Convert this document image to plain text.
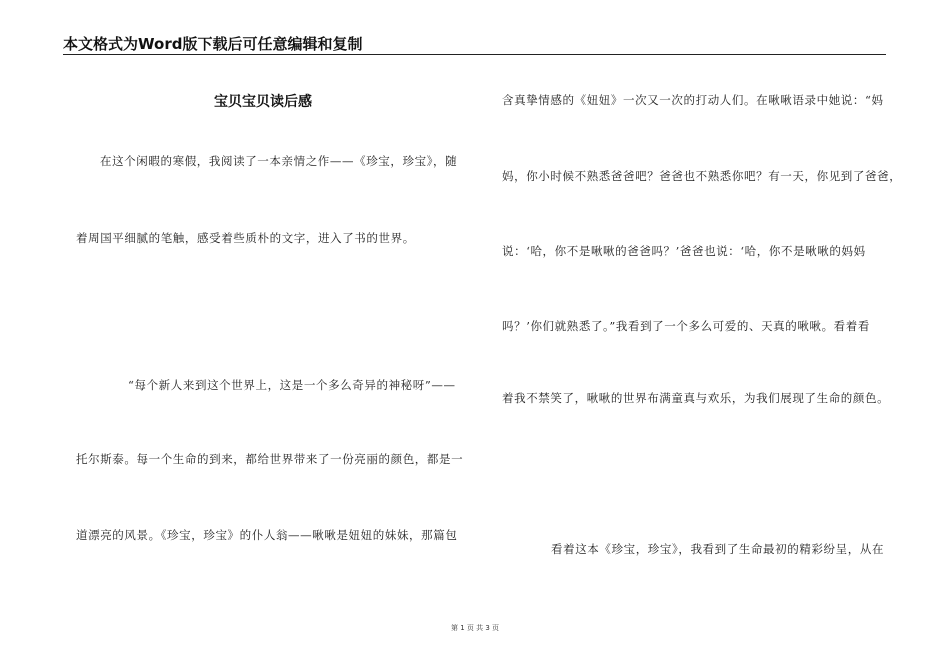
本文格式为Word版下载后可任意编辑和复制
宝贝宝贝读后感
在这个闲暇的寒假，我阅读了一本亲情之作——《珍宝，珍宝》，随
着周国平细腻的笔触，感受着些质朴的文字，进入了书的世界。
“每个新人来到这个世界上，这是一个多么奇异的神秘呀”——
托尔斯泰。每一个生命的到来，都给世界带来了一份亮丽的颜色，都是一
道漂亮的风景。《珍宝，珍宝》的仆人翁——啾啾是妞妞的妹妹，那篇包
含真挚情感的《妞妞》一次又一次的打动人们。在啾啾语录中她说：“妈
妈，你小时候不熟悉爸爸吧？爸爸也不熟悉你吧？有一天，你见到了爸爸，
说：‘哈，你不是啾啾的爸爸吗？’爸爸也说：‘哈，你不是啾啾的妈妈
吗？’你们就熟悉了。”我看到了一个多么可爱的、天真的啾啾。看着看
着我不禁笑了，啾啾的世界布满童真与欢乐，为我们展现了生命的颜色。
看着这本《珍宝，珍宝》，我看到了生命最初的精彩纷呈，从在
第 1 页 共 3 页
